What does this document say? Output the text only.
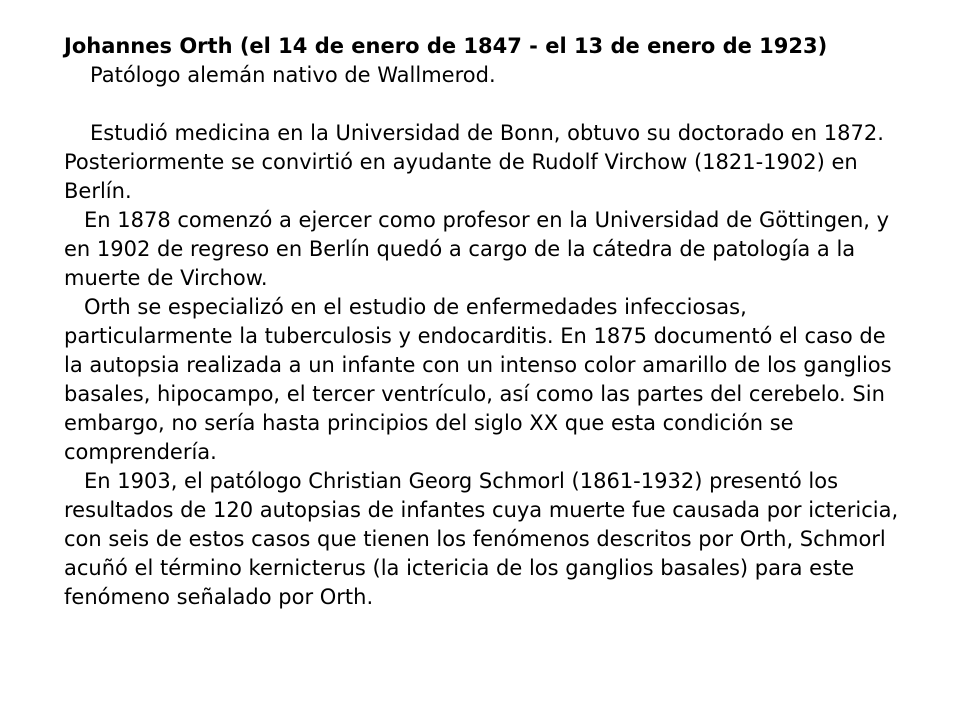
Johannes Orth (el 14 de enero de 1847 - el 13 de enero de 1923)

Patólogo alemán nativo de Wallmerod.

Estudió medicina en la Universidad de Bonn, obtuvo su doctorado en 1872.

Posteriormente se convirtió en ayudante de Rudolf Virchow (1821-1902) en Berlín.

En 1878 comenzó a ejercer como profesor en la Universidad de Göttingen, y en 1902 de regreso en Berlín quedó a cargo de la cátedra de patología a la muerte de Virchow.

Orth se especializó en el estudio de enfermedades infecciosas, particularmente la tuberculosis y endocarditis. En 1875 documentó el caso de la autopsia realizada a un infante con un intenso color amarillo de los ganglios basales, hipocampo, el tercer ventrículo, así como las partes del cerebelo. Sin embargo, no sería hasta principios del siglo XX que esta condición se comprendería.

En 1903, el patólogo Christian Georg Schmorl (1861-1932) presentó los resultados de 120 autopsias de infantes cuya muerte fue causada por ictericia, con seis de estos casos que tienen los fenómenos descritos por Orth, Schmorl acuñó el término kernicterus (la ictericia de los ganglios basales) para este fenómeno señalado por Orth.
